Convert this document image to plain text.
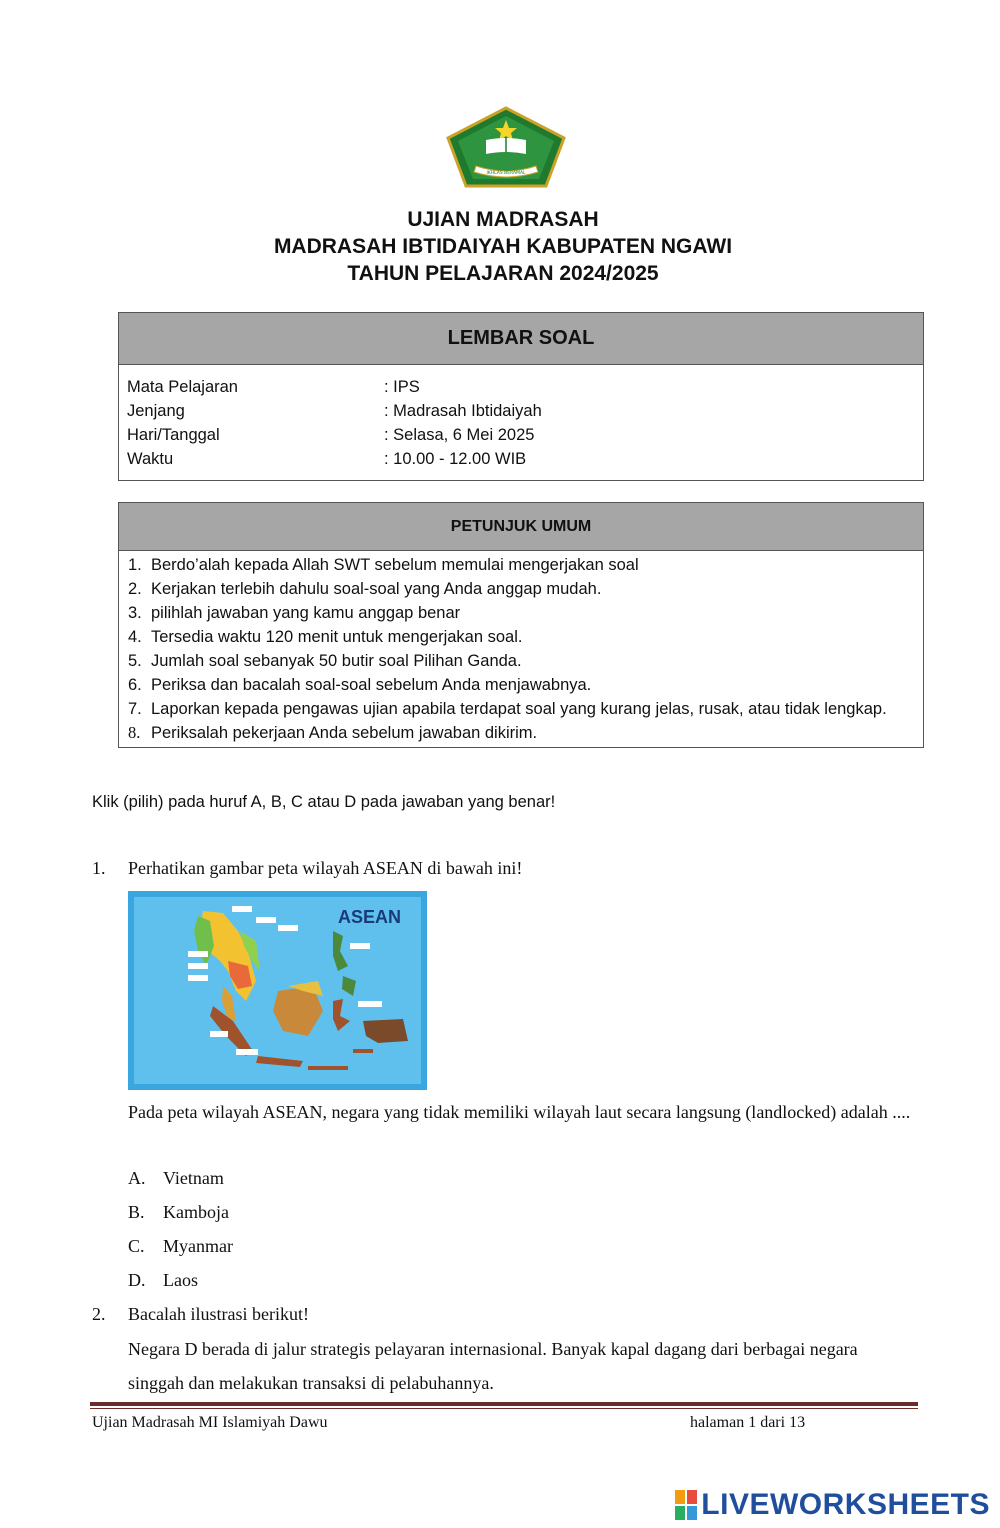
IKHLAS BERAMAL
UJIAN MADRASAH
MADRASAH IBTIDAIYAH KABUPATEN NGAWI
TAHUN PELAJARAN 2024/2025
LEMBAR SOAL
Mata Pelajaran	: IPS
Jenjang	: Madrasah Ibtidaiyah
Hari/Tanggal	: Selasa, 6 Mei 2025
Waktu	: 10.00 - 12.00 WIB
PETUNJUK UMUM
1. Berdo’alah kepada Allah SWT sebelum memulai mengerjakan soal
2. Kerjakan terlebih dahulu soal-soal yang Anda anggap mudah.
3. pilihlah jawaban yang kamu anggap benar
4. Tersedia waktu 120 menit untuk mengerjakan soal.
5. Jumlah soal sebanyak 50 butir soal Pilihan Ganda.
6. Periksa dan bacalah soal-soal sebelum Anda menjawabnya.
7. Laporkan kepada pengawas ujian apabila terdapat soal yang kurang jelas, rusak, atau tidak lengkap.
8. Periksalah pekerjaan Anda sebelum jawaban dikirim.
Klik (pilih) pada huruf A, B, C atau D pada jawaban yang benar!
1. Perhatikan gambar peta wilayah ASEAN di bawah ini!
ASEAN
Pada peta wilayah ASEAN, negara yang tidak memiliki wilayah laut secara langsung (landlocked) adalah ....
A. Vietnam
B. Kamboja
C. Myanmar
D. Laos
2. Bacalah ilustrasi berikut!
Negara D berada di jalur strategis pelayaran internasional. Banyak kapal dagang dari berbagai negara singgah dan melakukan transaksi di pelabuhannya.
Ujian Madrasah MI Islamiyah Dawu	halaman 1 dari 13
LIVEWORKSHEETS
